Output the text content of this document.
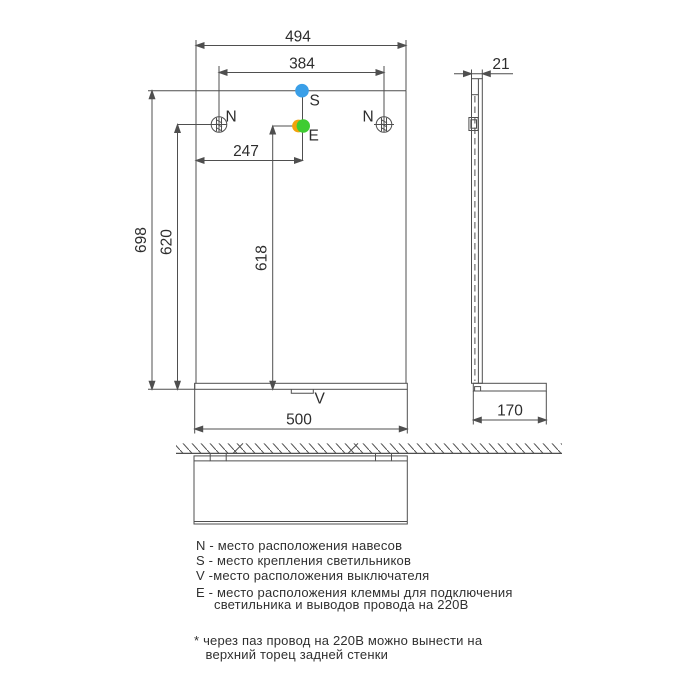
494
384
247
698 620
618
500
N	N
S
E
V
21
170
N - место расположения навесов
S - место крепления светильников
V -место расположения выключателя
E - место расположения клеммы для подключения
светильника и выводов провода на 220В
* через паз провод на 220В можно вынести на
верхний торец задней стенки
